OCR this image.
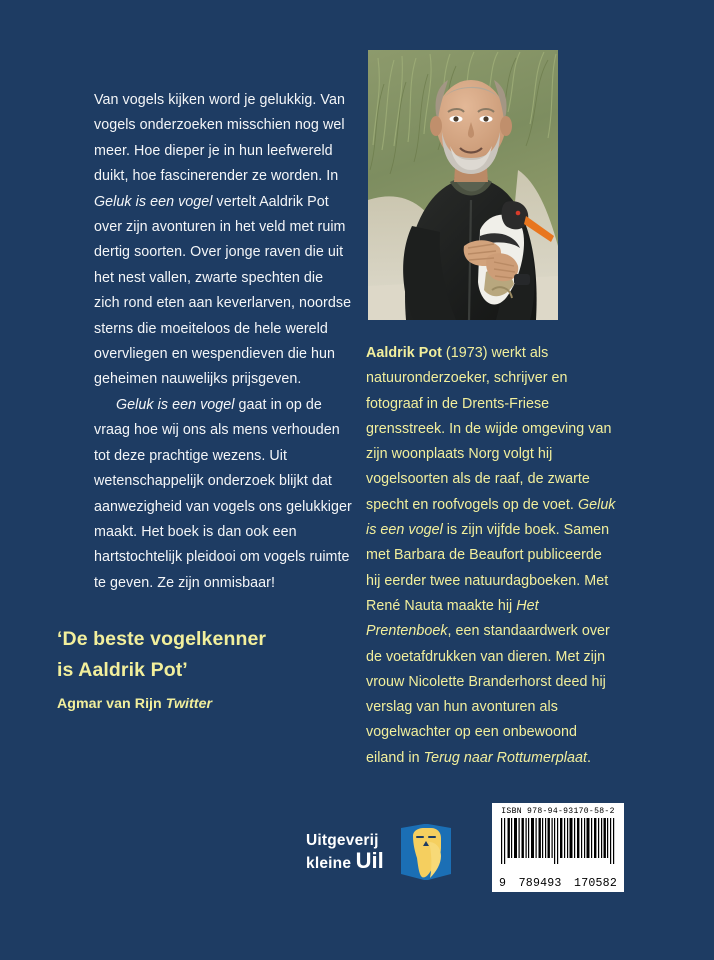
Van vogels kijken word je gelukkig. Van vogels onderzoeken misschien nog wel meer. Hoe dieper je in hun leefwereld duikt, hoe fascinerender ze worden. In Geluk is een vogel vertelt Aaldrik Pot over zijn avonturen in het veld met ruim dertig soorten. Over jonge raven die uit het nest vallen, zwarte spechten die zich rond eten aan keverlarven, noordse sterns die moeiteloos de hele wereld overvliegen en wespendieven die hun geheimen nauwelijks prijsgeven.

Geluk is een vogel gaat in op de vraag hoe wij ons als mens verhouden tot deze prachtige wezens. Uit wetenschappelijk onderzoek blijkt dat aanwezigheid van vogels ons gelukkiger maakt. Het boek is dan ook een hartstochtelijk pleidooi om vogels ruimte te geven. Ze zijn onmisbaar!

‘De beste vogelkenner
is Aaldrik Pot’
Agmar van Rijn Twitter

Aaldrik Pot (1973) werkt als natuuronderzoeker, schrijver en fotograaf in de Drents-Friese grensstreek. In de wijde omgeving van zijn woonplaats Norg volgt hij vogelsoorten als de raaf, de zwarte specht en roofvogels op de voet. Geluk is een vogel is zijn vijfde boek. Samen met Barbara de Beaufort publiceerde hij eerder twee natuurdagboeken. Met René Nauta maakte hij Het Prentenboek, een standaardwerk over de voetafdrukken van dieren. Met zijn vrouw Nicolette Branderhorst deed hij verslag van hun avonturen als vogelwachter op een onbewoond eiland in Terug naar Rottumerplaat.

Uitgeverij
kleine Uil
ISBN 978-94-93170-58-2
9 789493 170582
